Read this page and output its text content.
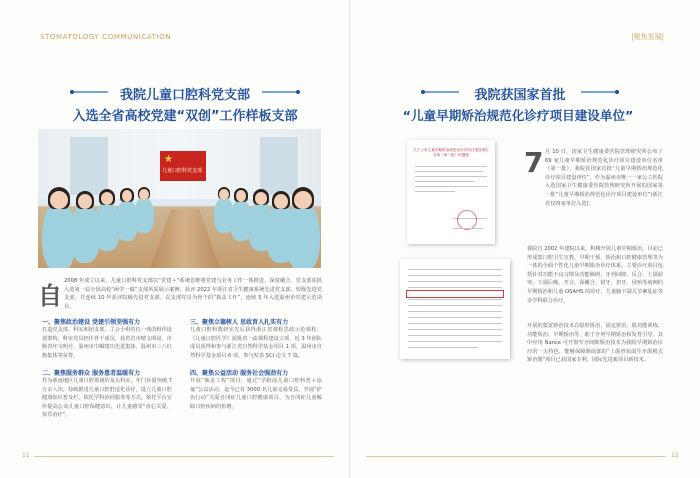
STOMATOLOGY COMMUNICATION	|聚焦发展|
我院儿童口腔科党支部
入选全省高校党建“双创”工作样板支部
★
儿童口腔科党支部
自
2008 年成立以来，儿童口腔科党支部以“党建＋”系统思维将党建与业务工作一体推进、深度融合。党支部获批入选第一届全国高校“两学一做”支部风采展示案例、获评 2022 年浙江省卫生健康系统先进党支部、校级先进党支部，并连续 10 年获评院级先进党支部。以支部党员为骨干的“瓶盖工作”，连续 5 年入选温州市党建示范项目。
一、聚焦政治建设 党建引领坚强有力
打造党支部、科室和团支部、工会小组的位一体的组织设置架构，科室党员担任骨干成员，获省首市精文明岗、市级青年文明号、温州市巾帼建功先进集体、温州市三八红旗集体等荣誉。
二、聚焦服务群众 服务患者温暖有力
作为浙南地区儿童口腔领域的龙头科室，年门诊量突破 7 万余人次。持续推进儿童口腔舒适化诊疗，设立儿童口腔健康知识普及栏，依托学科协同服务等方式，依托平台宣传提高公众儿童口腔保健意识，让儿童感受“齿心关爱、快乐治疗”。
三、聚焦立德树人 思政育人扎实有力
儿童口腔科教研室先后获得浙江省课程思政示范课程、《儿童口腔医学》获批省一流课程建设立项、近 3 年团队成员获得和参与浙江省自然科学基金项目 1 项，温州市自然科学基金项目 6 项，参与发表 SCI 论文 7 篇。
四、聚焦公益活动 服务社会强劲有力
开展“瓶盖工程”项目，通过“学龄前儿童口腔科普＋涂氟”公益活动，迄今已有 3000 名儿童完成受益，开展“护齿行动”关爱自闭症儿童口腔健康项目，为自闭症儿童解除口腔疾病的折磨。
11
我院获国家首批
“儿童早期矫治规范化诊疗项目建设单位”
关于公布儿童早期矫治规范化诊疗项目建设单位名单（第一批）的通知	7 月 10 日，国家卫生健康委医院管理研究所公布了 69 家儿童早期矫治规范化诊疗项目建设单位名单（第一批），我院获国家首批“儿童早期矫治规范化诊疗项目建设单位”，作为温州市唯一一家公立医院入选国家卫生健康委医院管理研究所开展的国家第一批“儿童早期矫治规范化诊疗项目建设单位”(浙江省仅四家单位入选)。
我院自 2002 年建院以来，积极开展儿童早期矫治，目前已形成集口腔卫生宣教、早期干预、矫治和口腔健康管理等为一体的全面个性化儿童早期矫治诊疗体系。主要诊疗项目包括针对功能不良习惯及功能障碍、牙列间隙、反合、上颌前突、下颌后缩、开合、深覆合、错牙、扭牙、侵殆等病例的早期矫治和儿童 OSAHS 的诊疗，儿童脑下颌关节紊乱症等多学科联合诊疗。
开展的集宽矫治技术有隐形矫治、固定矫治、肌功能训练、功能矫治、早期矫治等，助于牙列早期矫治和发育引导。其中应用 Nance 可开窗窄牙间隙矫治技术为我院早期矫治诊疗的一大特色，能够保障颜面部的“上颌骨状面生牙颌根式矫治器”项目已获国家专利，国际先进新项目新技术。
12
